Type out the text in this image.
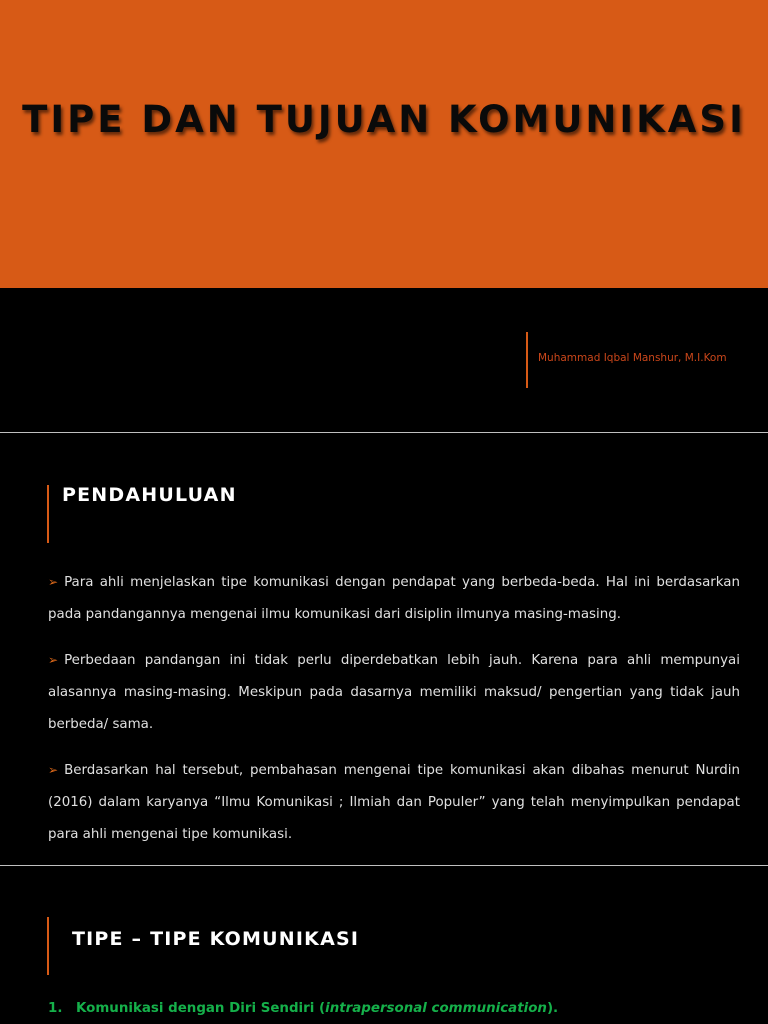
TIPE DAN TUJUAN KOMUNIKASI
Muhammad Iqbal Manshur, M.I.Kom
PENDAHULUAN

➢ Para ahli menjelaskan tipe komunikasi dengan pendapat yang berbeda-beda. Hal ini berdasarkan pada pandangannya mengenai ilmu komunikasi dari disiplin ilmunya masing-masing.

➢ Perbedaan pandangan ini tidak perlu diperdebatkan lebih jauh. Karena para ahli mempunyai alasannya masing-masing. Meskipun pada dasarnya memiliki maksud/ pengertian yang tidak jauh berbeda/ sama.

➢ Berdasarkan hal tersebut, pembahasan mengenai tipe komunikasi akan dibahas menurut Nurdin (2016) dalam karyanya “Ilmu Komunikasi ; Ilmiah dan Populer” yang telah menyimpulkan pendapat para ahli mengenai tipe komunikasi.

TIPE – TIPE KOMUNIKASI

1. Komunikasi dengan Diri Sendiri (intrapersonal communication).
